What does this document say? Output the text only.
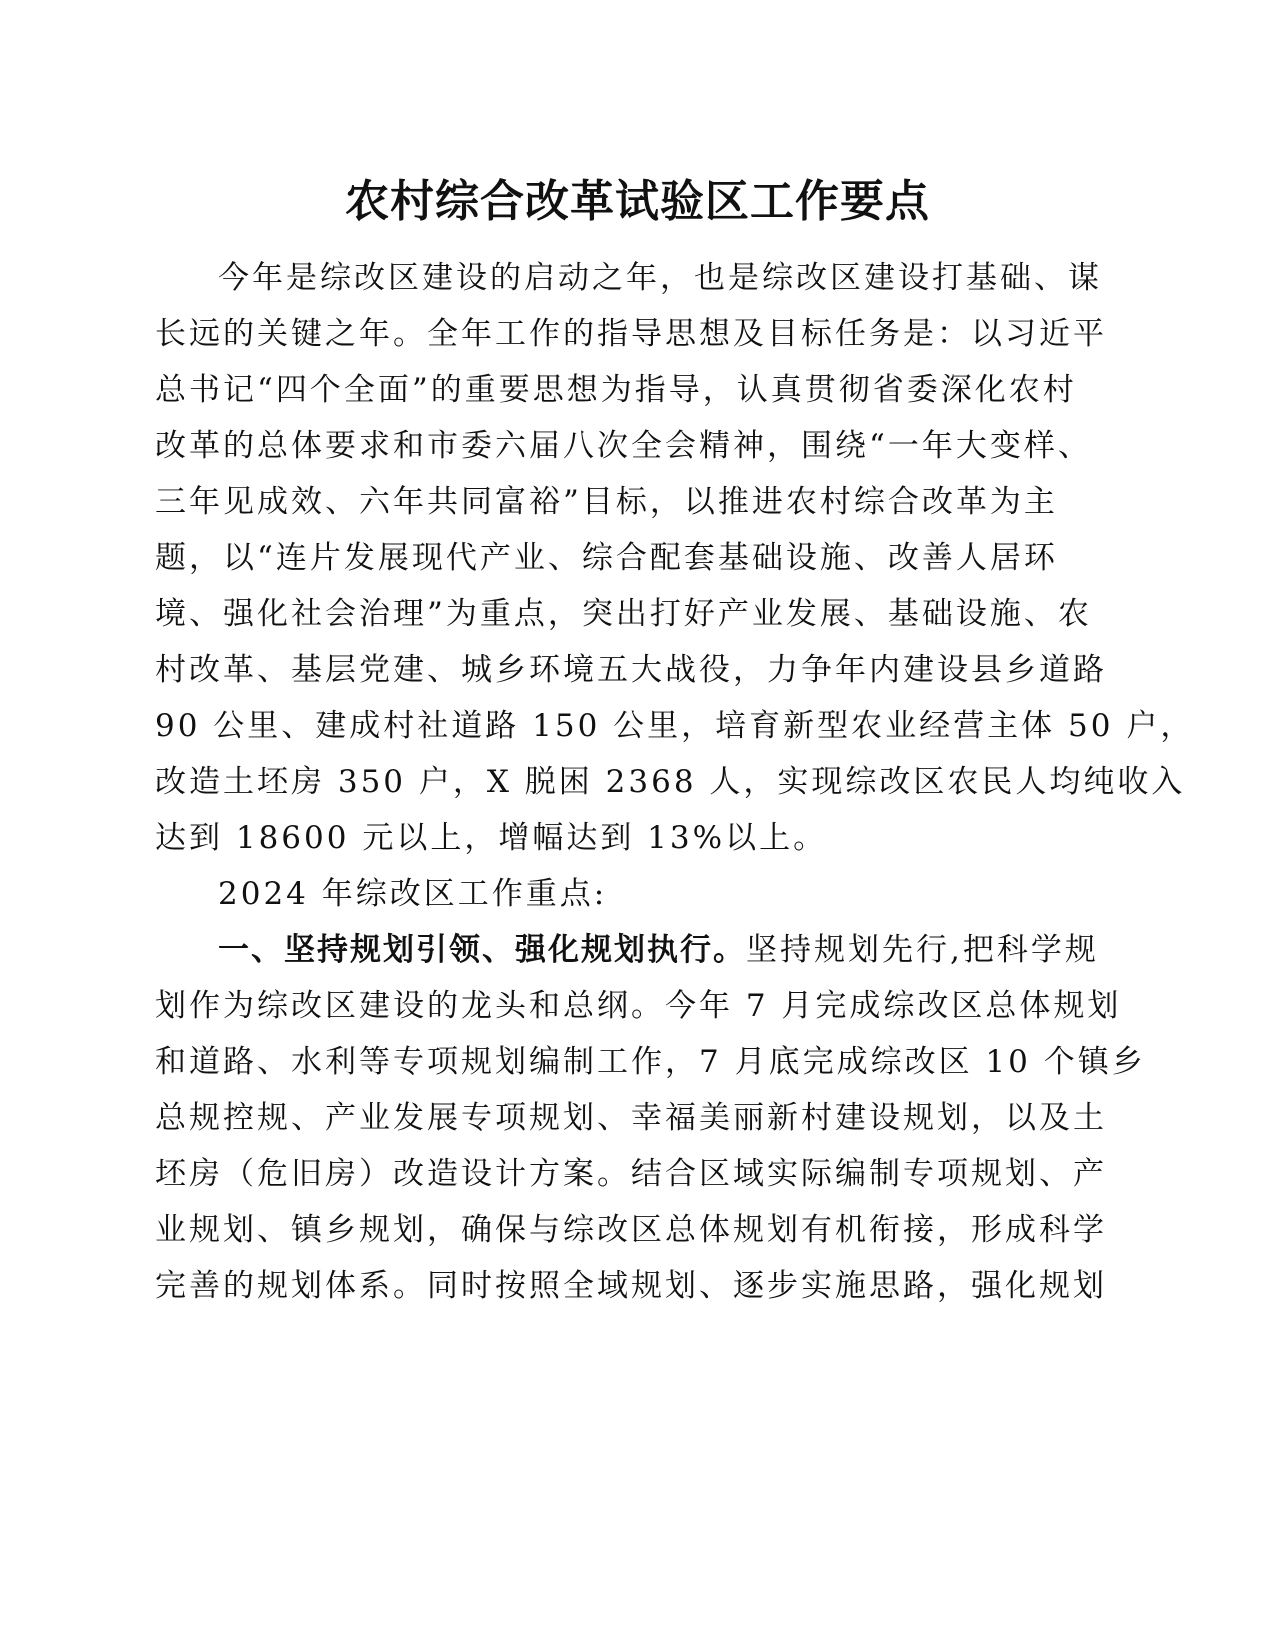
农村综合改革试验区工作要点

今年是综改区建设的启动之年，也是综改区建设打基础、谋

长远的关键之年。全年工作的指导思想及目标任务是：以习近平

总书记“四个全面”的重要思想为指导，认真贯彻省委深化农村

改革的总体要求和市委六届八次全会精神，围绕“一年大变样、

三年见成效、六年共同富裕”目标，以推进农村综合改革为主

题，以“连片发展现代产业、综合配套基础设施、改善人居环

境、强化社会治理”为重点，突出打好产业发展、基础设施、农

村改革、基层党建、城乡环境五大战役，力争年内建设县乡道路

90 公里、建成村社道路 150 公里，培育新型农业经营主体 50 户，

改造土坯房 350 户，X 脱困 2368 人，实现综改区农民人均纯收入

达到 18600 元以上，增幅达到 13%以上。

2024 年综改区工作重点:

一、坚持规划引领、强化规划执行。坚持规划先行,把科学规

划作为综改区建设的龙头和总纲。今年 7 月完成综改区总体规划

和道路、水利等专项规划编制工作，7 月底完成综改区 10 个镇乡

总规控规、产业发展专项规划、幸福美丽新村建设规划，以及土

坯房（危旧房）改造设计方案。结合区域实际编制专项规划、产

业规划、镇乡规划，确保与综改区总体规划有机衔接，形成科学

完善的规划体系。同时按照全域规划、逐步实施思路，强化规划
